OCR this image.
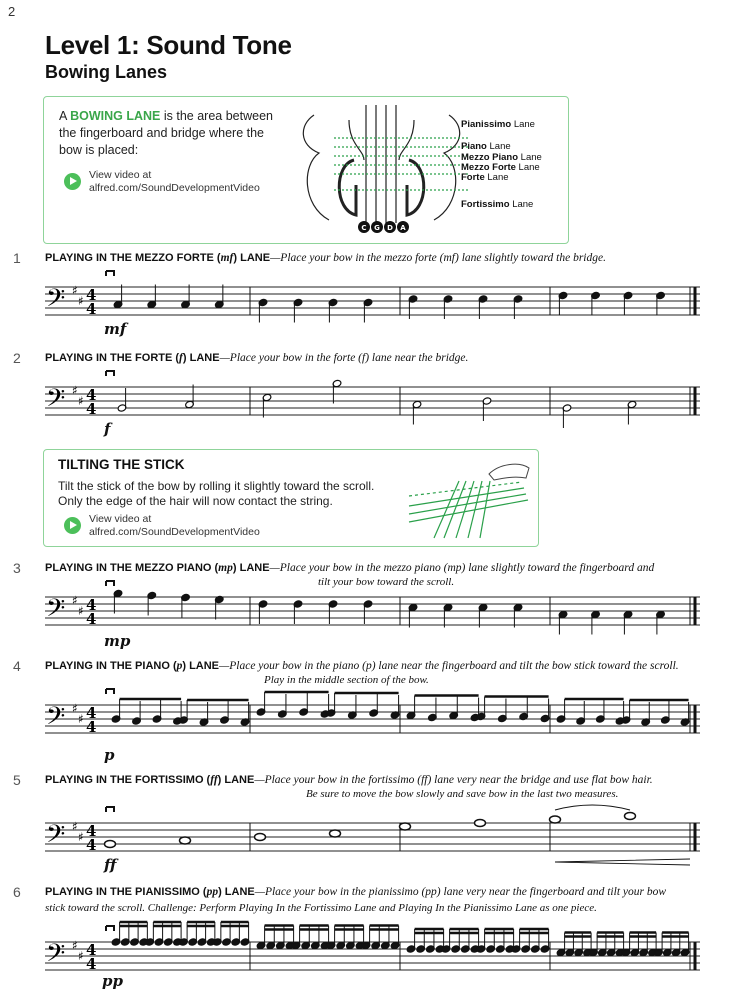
2
Level 1: Sound Tone
Bowing Lanes
A BOWING LANE is the area between the fingerboard and bridge where the bow is placed:
View video at
alfred.com/SoundDevelopmentVideo
C G D A
Pianissimo Lane
Piano Lane
Mezzo Piano Lane
Mezzo Forte Lane
Forte Lane
Fortissimo Lane
TILTING THE STICK
Tilt the stick of the bow by rolling it slightly toward the scroll.
Only the edge of the hair will now contact the string.
View video at
alfred.com/SoundDevelopmentVideo
1 PLAYING IN THE MEZZO FORTE (mf) LANE—Place your bow in the mezzo forte (mf) lane slightly toward the bridge.
mf
𝄢 ♯
♯ 4
4
2 PLAYING IN THE FORTE (f) LANE—Place your bow in the forte (f) lane near the bridge.
f
𝄢 ♯
♯ 4
4
3 PLAYING IN THE MEZZO PIANO (mp) LANE—Place your bow in the mezzo piano (mp) lane slightly toward the fingerboard and
tilt your bow toward the scroll.
mp
𝄢 ♯
♯ 4
4
4 PLAYING IN THE PIANO (p) LANE—Place your bow in the piano (p) lane near the fingerboard and tilt the bow stick toward the scroll.
Play in the middle section of the bow.
p
𝄢 ♯
♯ 4
4
5 PLAYING IN THE FORTISSIMO (ff) LANE—Place your bow in the fortissimo (ff) lane very near the bridge and use flat bow hair.
Be sure to move the bow slowly and save bow in the last two measures.
ff
𝄢 ♯
♯ 4
4
6 PLAYING IN THE PIANISSIMO (pp) LANE—Place your bow in the pianissimo (pp) lane very near the fingerboard and tilt your bow
stick toward the scroll. Challenge: Perform Playing In the Fortissimo Lane and Playing In the Pianissimo Lane as one piece.
pp
𝄢 ♯
♯ 4
4
